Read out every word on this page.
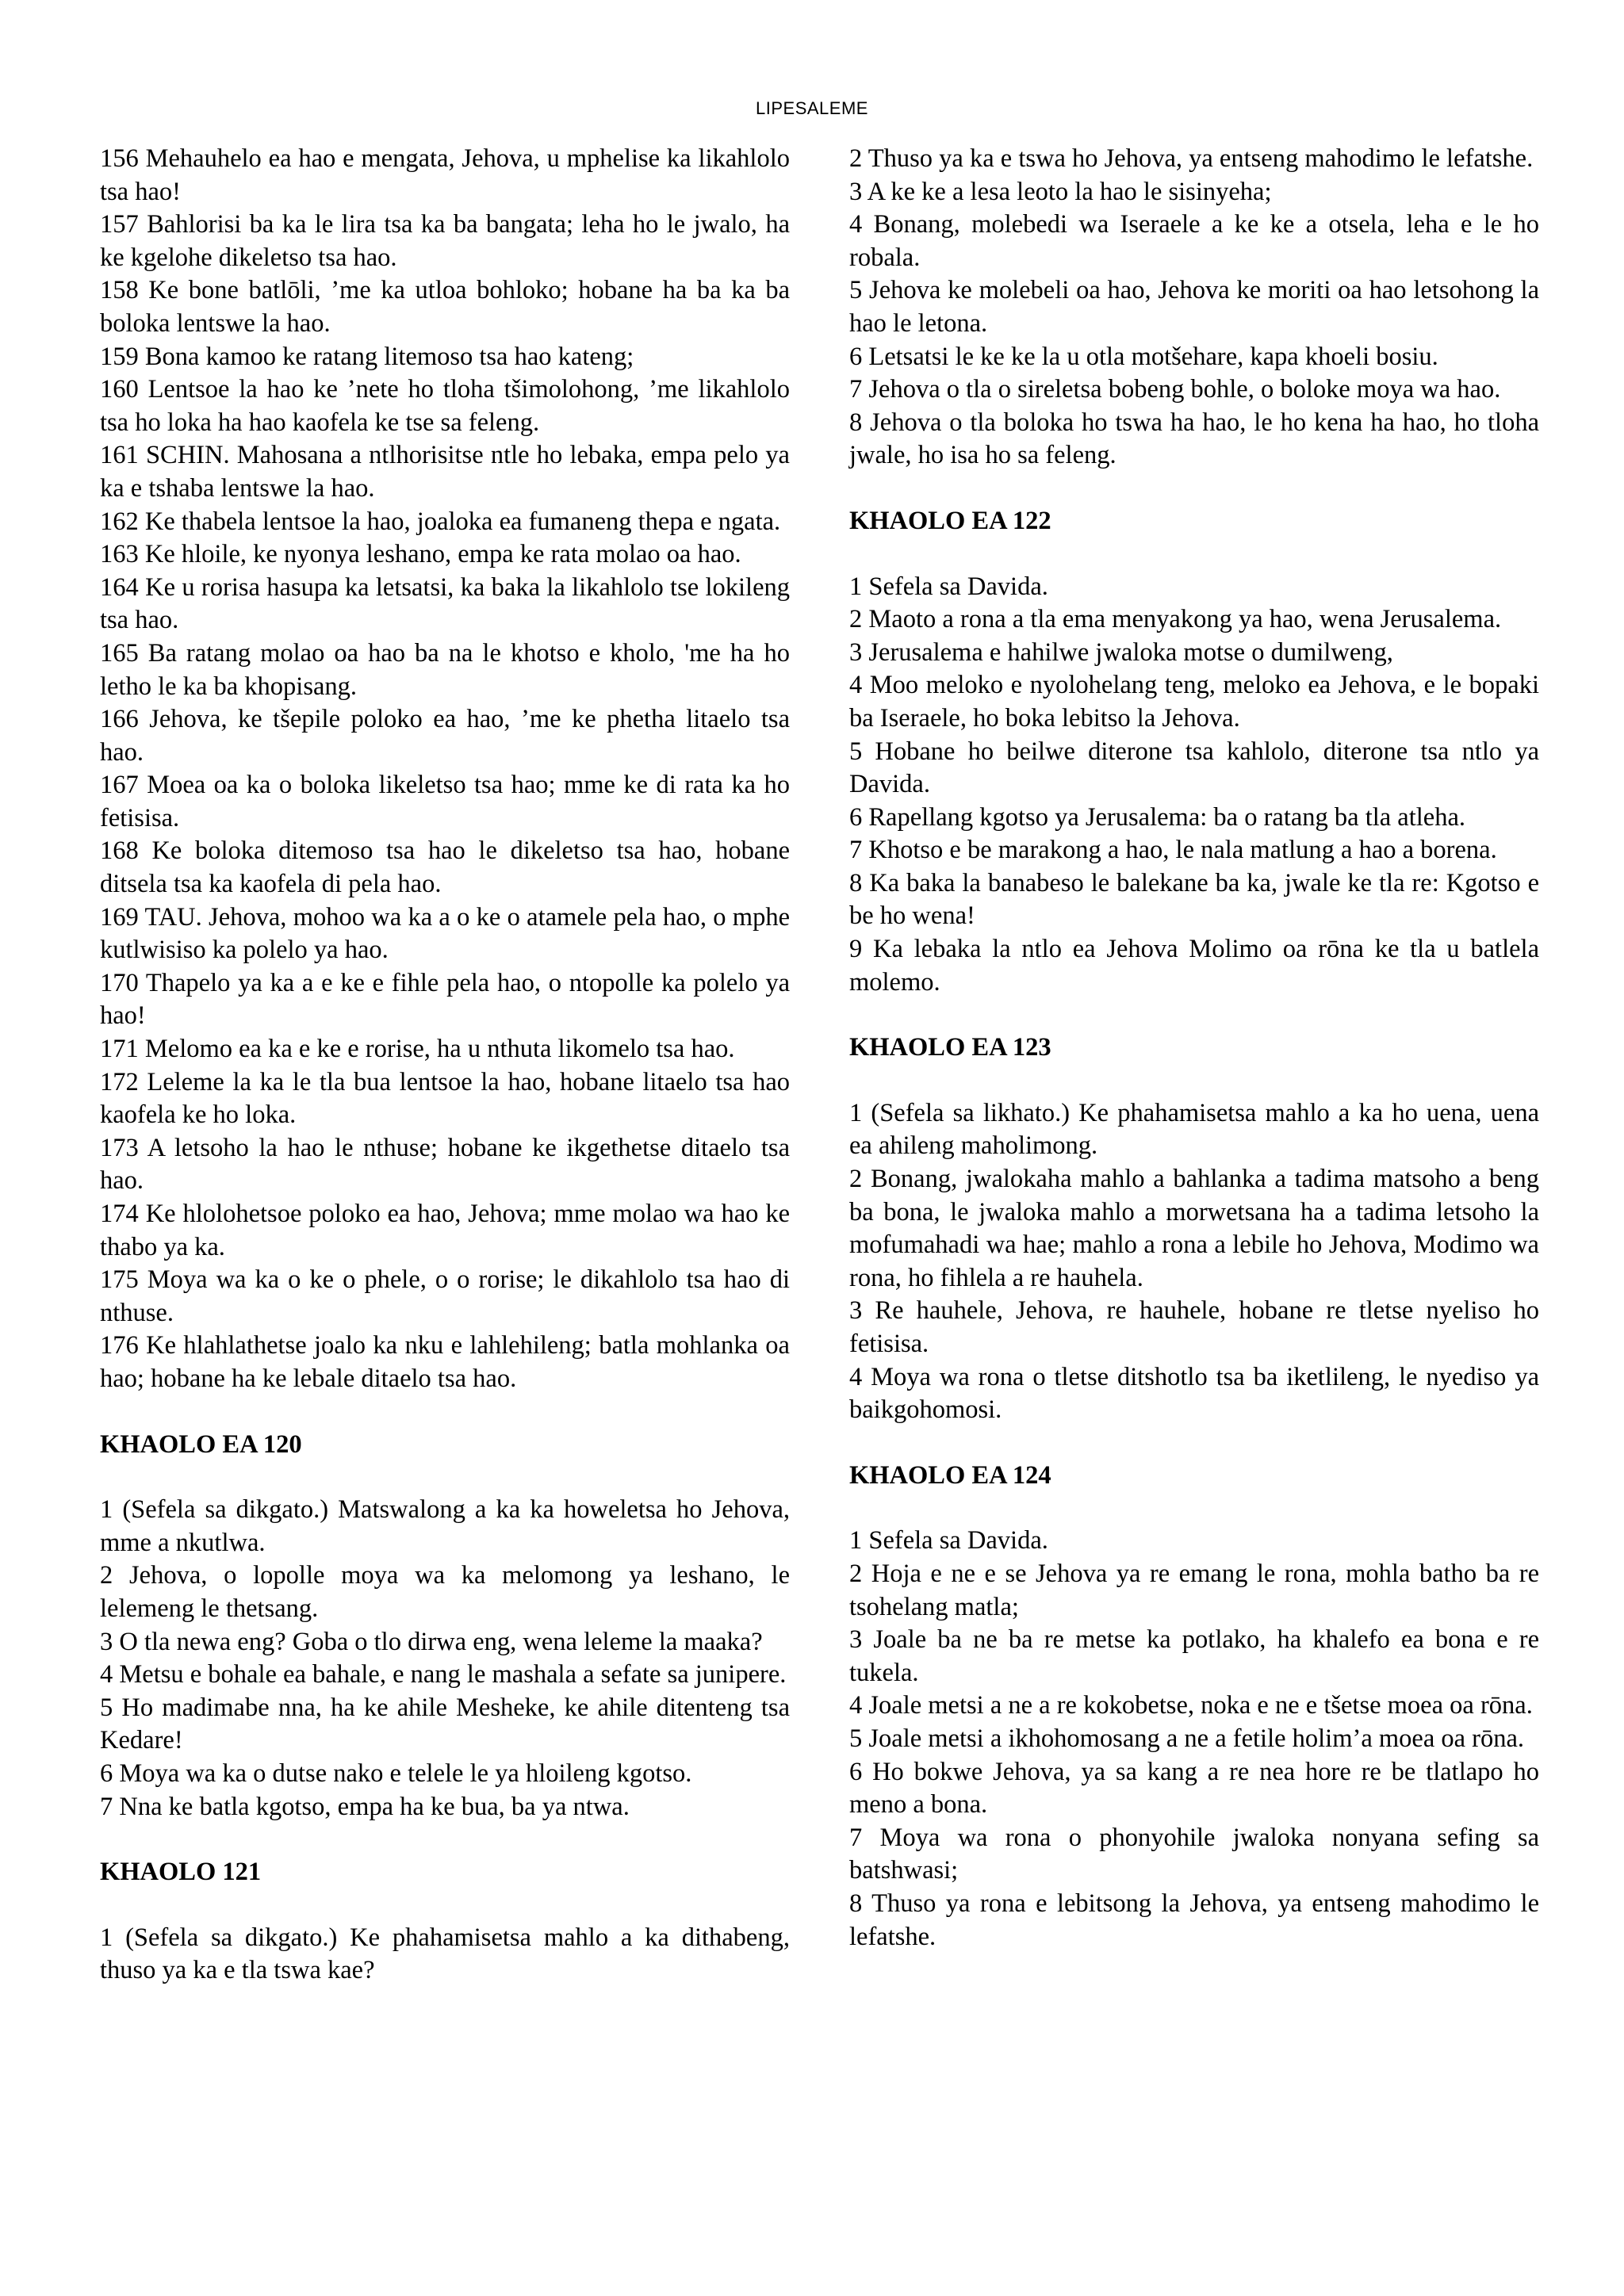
LIPESALEME

156 Mehauhelo ea hao e mengata, Jehova, u mphelise ka likahlolo tsa hao!

157 Bahlorisi ba ka le lira tsa ka ba bangata; leha ho le jwalo, ha ke kgelohe dikeletso tsa hao.

158 Ke bone batlōli, ’me ka utloa bohloko; hobane ha ba ka ba boloka lentswe la hao.

159 Bona kamoo ke ratang litemoso tsa hao kateng;

160 Lentsoe la hao ke ’nete ho tloha tšimolohong, ’me likahlolo tsa ho loka ha hao kaofela ke tse sa feleng.

161 SCHIN. Mahosana a ntlhorisitse ntle ho lebaka, empa pelo ya ka e tshaba lentswe la hao.

162 Ke thabela lentsoe la hao, joaloka ea fumaneng thepa e ngata.

163 Ke hloile, ke nyonya leshano, empa ke rata molao oa hao.

164 Ke u rorisa hasupa ka letsatsi, ka baka la likahlolo tse lokileng tsa hao.

165 Ba ratang molao oa hao ba na le khotso e kholo, 'me ha ho letho le ka ba khopisang.

166 Jehova, ke tšepile poloko ea hao, ’me ke phetha litaelo tsa hao.

167 Moea oa ka o boloka likeletso tsa hao; mme ke di rata ka ho fetisisa.

168 Ke boloka ditemoso tsa hao le dikeletso tsa hao, hobane ditsela tsa ka kaofela di pela hao.

169 TAU. Jehova, mohoo wa ka a o ke o atamele pela hao, o mphe kutlwisiso ka polelo ya hao.

170 Thapelo ya ka a e ke e fihle pela hao, o ntopolle ka polelo ya hao!

171 Melomo ea ka e ke e rorise, ha u nthuta likomelo tsa hao.

172 Leleme la ka le tla bua lentsoe la hao, hobane litaelo tsa hao kaofela ke ho loka.

173 A letsoho la hao le nthuse; hobane ke ikgethetse ditaelo tsa hao.

174 Ke hlolohetsoe poloko ea hao, Jehova; mme molao wa hao ke thabo ya ka.

175 Moya wa ka o ke o phele, o o rorise; le dikahlolo tsa hao di nthuse.

176 Ke hlahlathetse joalo ka nku e lahlehileng; batla mohlanka oa hao; hobane ha ke lebale ditaelo tsa hao.

KHAOLO EA 120

1 (Sefela sa dikgato.) Matswalong a ka ka howeletsa ho Jehova, mme a nkutlwa.

2 Jehova, o lopolle moya wa ka melomong ya leshano, le lelemeng le thetsang.

3 O tla newa eng? Goba o tlo dirwa eng, wena leleme la maaka?

4 Metsu e bohale ea bahale, e nang le mashala a sefate sa junipere.

5 Ho madimabe nna, ha ke ahile Mesheke, ke ahile ditenteng tsa Kedare!

6 Moya wa ka o dutse nako e telele le ya hloileng kgotso.

7 Nna ke batla kgotso, empa ha ke bua, ba ya ntwa.

KHAOLO 121

1 (Sefela sa dikgato.) Ke phahamisetsa mahlo a ka dithabeng, thuso ya ka e tla tswa kae?

2 Thuso ya ka e tswa ho Jehova, ya entseng mahodimo le lefatshe.

3 A ke ke a lesa leoto la hao le sisinyeha;

4 Bonang, molebedi wa Iseraele a ke ke a otsela, leha e le ho robala.

5 Jehova ke molebeli oa hao, Jehova ke moriti oa hao letsohong la hao le letona.

6 Letsatsi le ke ke la u otla motšehare, kapa khoeli bosiu.

7 Jehova o tla o sireletsa bobeng bohle, o boloke moya wa hao.

8 Jehova o tla boloka ho tswa ha hao, le ho kena ha hao, ho tloha jwale, ho isa ho sa feleng.

KHAOLO EA 122

1 Sefela sa Davida.

2 Maoto a rona a tla ema menyakong ya hao, wena Jerusalema.

3 Jerusalema e hahilwe jwaloka motse o dumilweng,

4 Moo meloko e nyolohelang teng, meloko ea Jehova, e le bopaki ba Iseraele, ho boka lebitso la Jehova.

5 Hobane ho beilwe diterone tsa kahlolo, diterone tsa ntlo ya Davida.

6 Rapellang kgotso ya Jerusalema: ba o ratang ba tla atleha.

7 Khotso e be marakong a hao, le nala matlung a hao a borena.

8 Ka baka la banabeso le balekane ba ka, jwale ke tla re: Kgotso e be ho wena!

9 Ka lebaka la ntlo ea Jehova Molimo oa rōna ke tla u batlela molemo.

KHAOLO EA 123

1 (Sefela sa likhato.) Ke phahamisetsa mahlo a ka ho uena, uena ea ahileng maholimong.

2 Bonang, jwalokaha mahlo a bahlanka a tadima matsoho a beng ba bona, le jwaloka mahlo a morwetsana ha a tadima letsoho la mofumahadi wa hae; mahlo a rona a lebile ho Jehova, Modimo wa rona, ho fihlela a re hauhela.

3 Re hauhele, Jehova, re hauhele, hobane re tletse nyeliso ho fetisisa.

4 Moya wa rona o tletse ditshotlo tsa ba iketlileng, le nyediso ya baikgohomosi.

KHAOLO EA 124

1 Sefela sa Davida.

2 Hoja e ne e se Jehova ya re emang le rona, mohla batho ba re tsohelang matla;

3 Joale ba ne ba re metse ka potlako, ha khalefo ea bona e re tukela.

4 Joale metsi a ne a re kokobetse, noka e ne e tšetse moea oa rōna.

5 Joale metsi a ikhohomosang a ne a fetile holim’a moea oa rōna.

6 Ho bokwe Jehova, ya sa kang a re nea hore re be tlatlapo ho meno a bona.

7 Moya wa rona o phonyohile jwaloka nonyana sefing sa batshwasi;

8 Thuso ya rona e lebitsong la Jehova, ya entseng mahodimo le lefatshe.
